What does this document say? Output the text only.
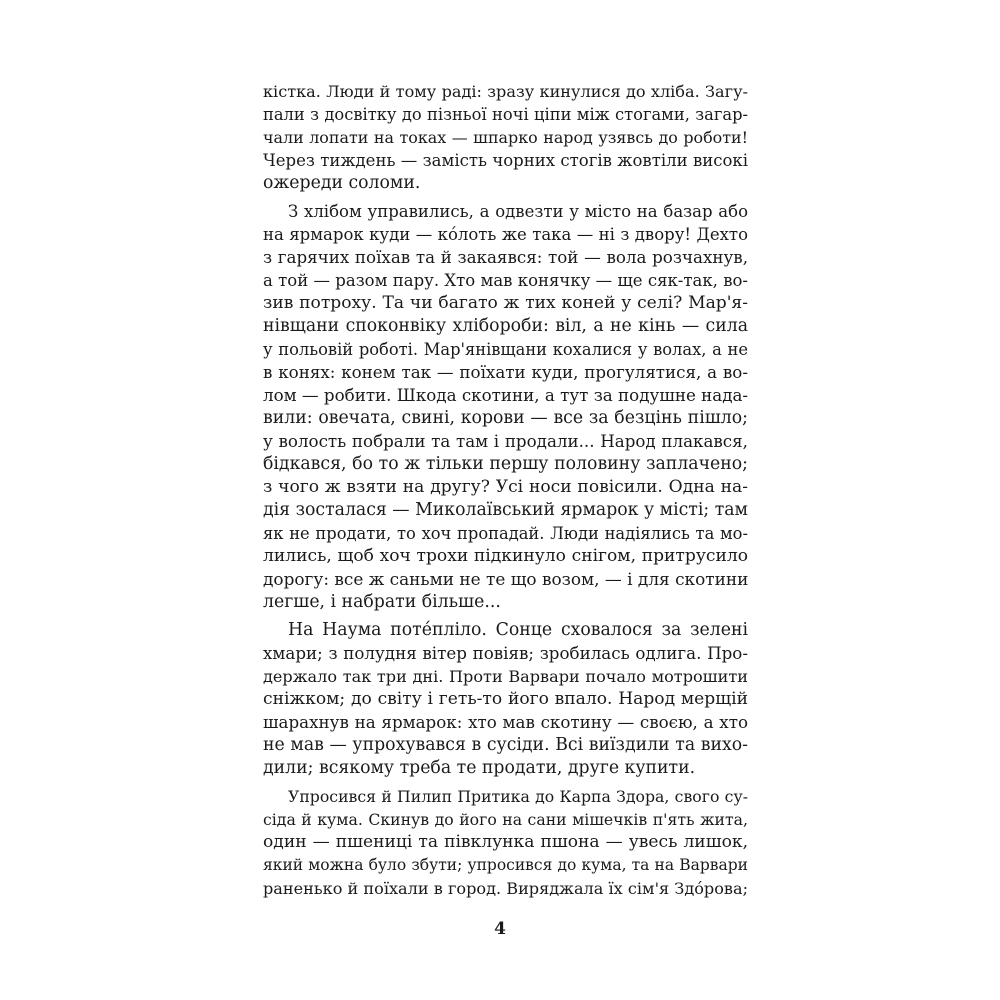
кістка. Люди й тому раді: зразу кинулися до хліба. Загу-
пали з досвітку до пізньої ночі ціпи між стогами, загар-
чали лопати на токах — шпарко народ узявсь до роботи!
Через тиждень — замість чорних стогів жовтіли високі
ожереди соломи.
З хлібом управились, а одвезти у місто на базар або
на ярмарок куди — кóлоть же така — ні з двору! Дехто
з гарячих поїхав та й закаявся: той — вола розчахнув,
а той — разом пару. Хто мав конячку — ще сяк-так, во-
зив потроху. Та чи багато ж тих коней у селі? Мар'я-
нівщани споконвіку хлібороби: віл, а не кінь — сила
у польовій роботі. Мар'янівщани кохалися у волах, а не
в конях: конем так — поїхати куди, прогулятися, а во-
лом — робити. Шкода скотини, а тут за подушне нада-
вили: овечата, свині, корови — все за безцінь пішло;
у волость побрали та там і продали... Народ плакався,
бідкався, бо то ж тільки першу половину заплачено;
з чого ж взяти на другу? Усі носи повісили. Одна на-
дія зосталася — Миколаївський ярмарок у місті; там
як не продати, то хоч пропадай. Люди надіялись та мо-
лились, щоб хоч трохи підкинуло снігом, притрусило
дорогу: все ж саньми не те що возом, — і для скотини
легше, і набрати більше...
На Наума потéпліло. Сонце сховалося за зелені
хмари; з полудня вітер повіяв; зробилась одлига. Про-
держало так три дні. Проти Варвари почало мотрошити
сніжком; до світу і геть-то його впало. Народ мерщій
шарахнув на ярмарок: хто мав скотину — своєю, а хто
не мав — упрохувався в сусіди. Всі виїздили та вихо-
дили; всякому треба те продати, друге купити.
Упросився й Пилип Притика до Карпа Здора, свого су-
сіда й кума. Скинув до його на сани мішечків п'ять жита,
один — пшениці та півклунка пшона — увесь лишок,
який можна було збути; упросився до кума, та на Варвари
раненько й поїхали в город. Виряджала їх сім'я Здóрова;
4
